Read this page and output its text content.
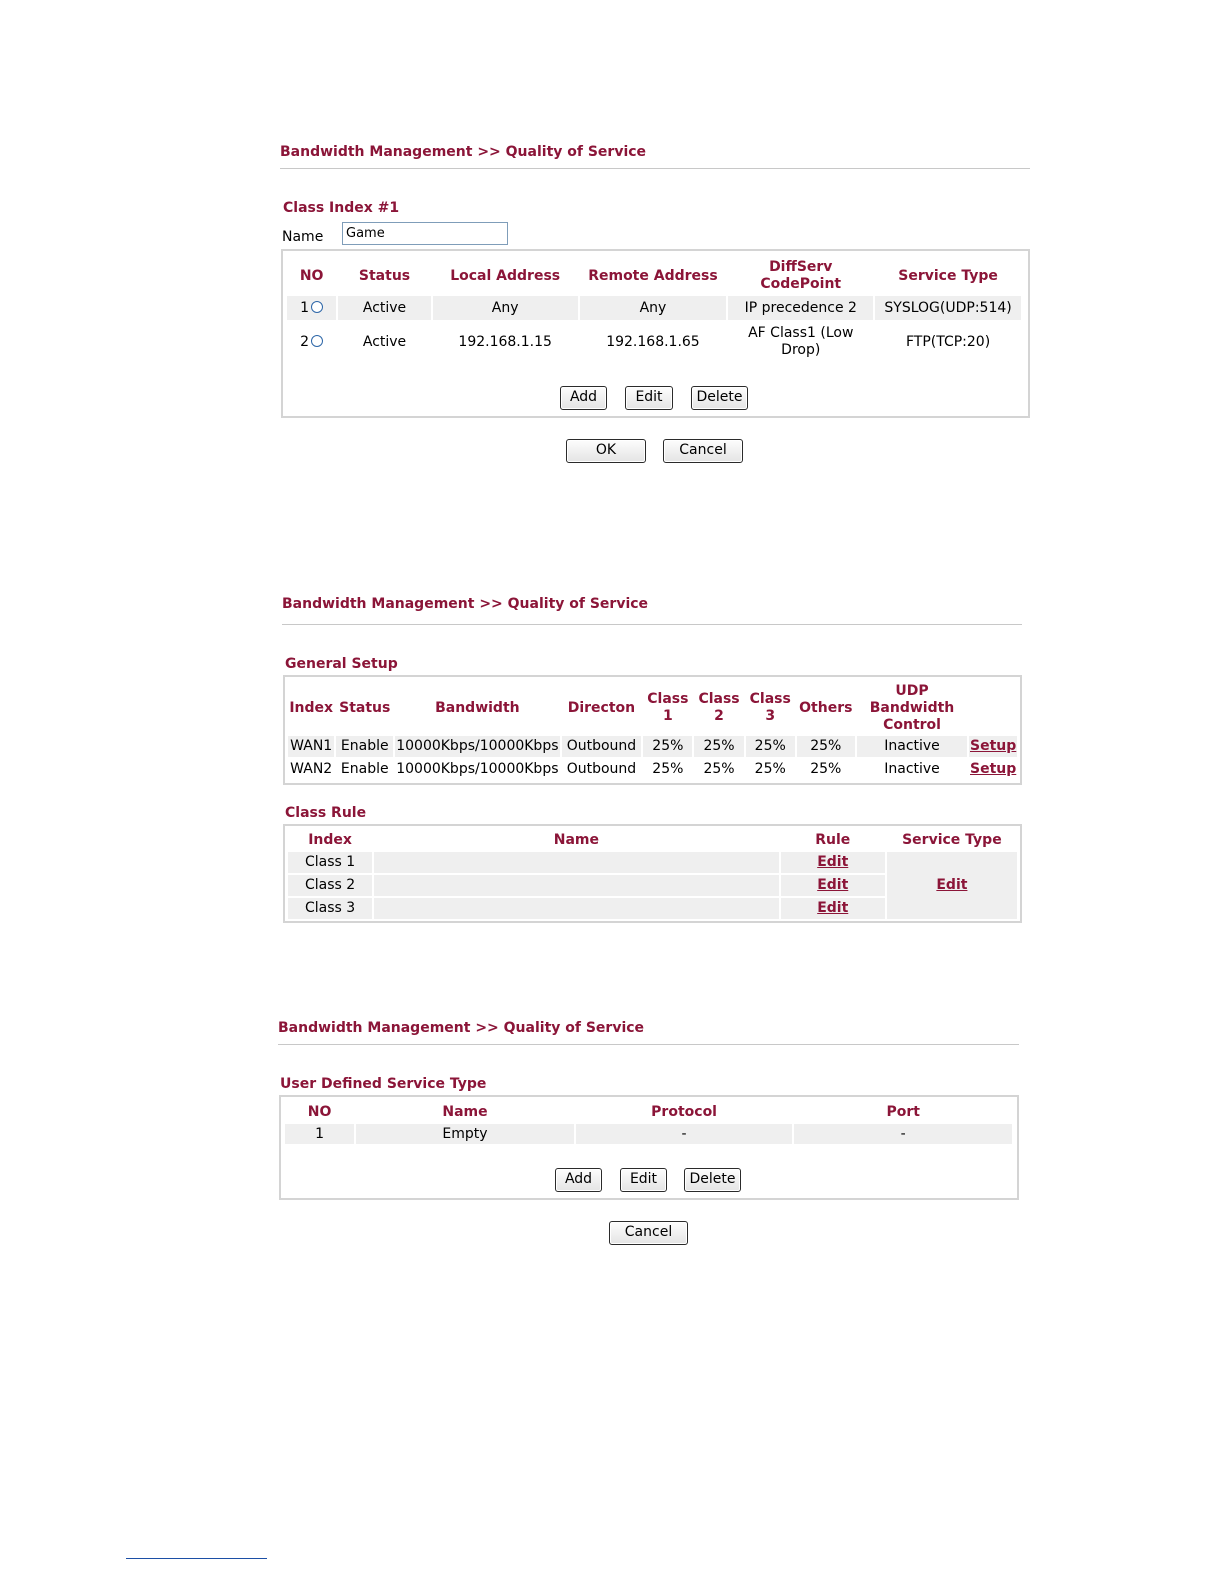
Bandwidth Management >> Quality of Service
Class Index #1
Name	Game
NO	Status	Local Address	Remote Address	DiffServ CodePoint	Service Type
1	Active	Any	Any	IP precedence 2	SYSLOG(UDP:514)
2	Active	192.168.1.15	192.168.1.65	AF Class1 (Low Drop)	FTP(TCP:20)
Add	Edit	Delete
OK	Cancel
Bandwidth Management >> Quality of Service
General Setup
Index	Status	Bandwidth	Directon	Class 1	Class 2	Class 3	Others	UDP Bandwidth Control	
WAN1	Enable	10000Kbps/10000Kbps	Outbound	25%	25%	25%	25%	Inactive	Setup
WAN2	Enable	10000Kbps/10000Kbps	Outbound	25%	25%	25%	25%	Inactive	Setup
Class Rule
Index	Name	Rule	Service Type
Class 1		Edit	Edit
Class 2		Edit	
Class 3		Edit	
Bandwidth Management >> Quality of Service
User Defined Service Type
NO	Name	Protocol	Port
1	Empty	-	-
Add	Edit	Delete
Cancel
